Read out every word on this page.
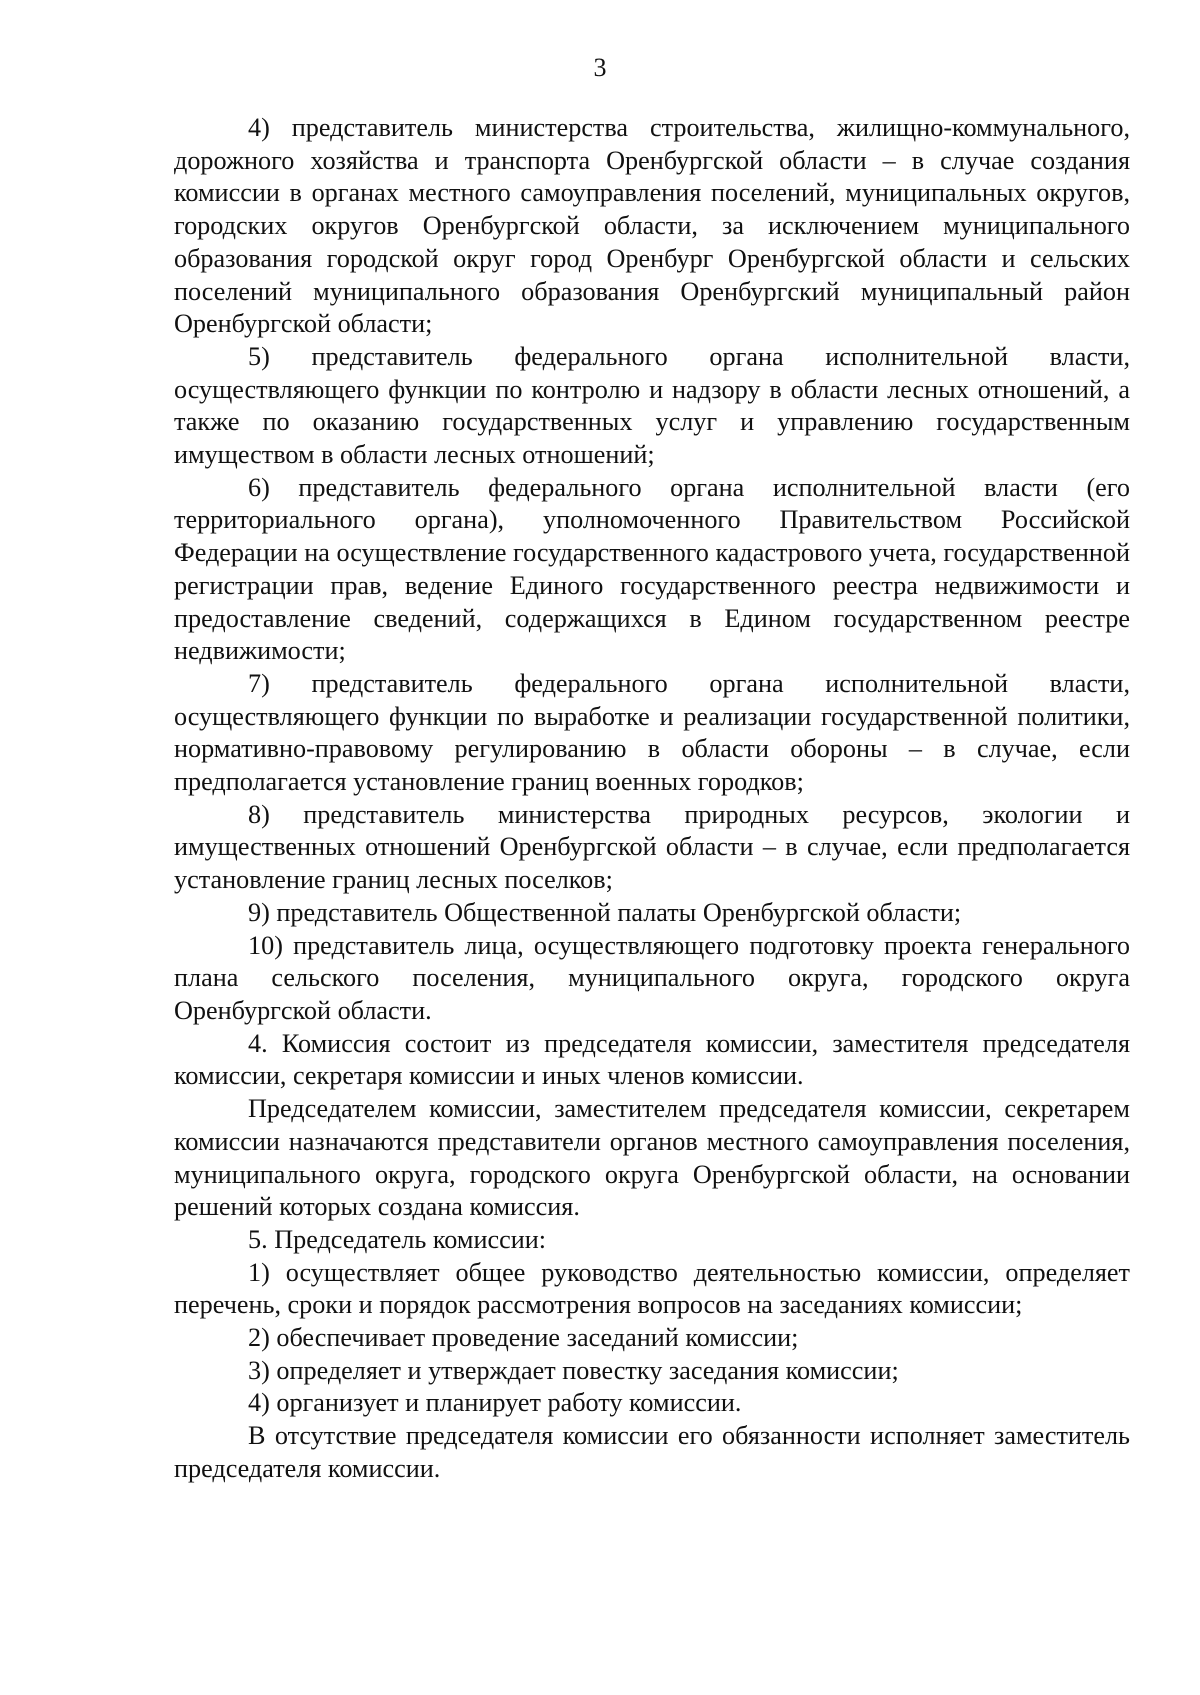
3

4) представитель министерства строительства, жилищно-коммунального, дорожного хозяйства и транспорта Оренбургской области – в случае создания комиссии в органах местного самоуправления поселений, муниципальных округов, городских округов Оренбургской области, за исключением муниципального образования городской округ город Оренбург Оренбургской области и сельских поселений муниципального образования Оренбургский муниципальный район Оренбургской области;

5) представитель федерального органа исполнительной власти, осуществляющего функции по контролю и надзору в области лесных отношений, а также по оказанию государственных услуг и управлению государственным имуществом в области лесных отношений;

6) представитель федерального органа исполнительной власти (его территориального органа), уполномоченного Правительством Российской Федерации на осуществление государственного кадастрового учета, государственной регистрации прав, ведение Единого государственного реестра недвижимости и предоставление сведений, содержащихся в Едином государственном реестре недвижимости;

7) представитель федерального органа исполнительной власти, осуществляющего функции по выработке и реализации государственной политики, нормативно-правовому регулированию в области обороны – в случае, если предполагается установление границ военных городков;

8) представитель министерства природных ресурсов, экологии и имущественных отношений Оренбургской области – в случае, если предполагается установление границ лесных поселков;

9) представитель Общественной палаты Оренбургской области;

10) представитель лица, осуществляющего подготовку проекта генерального плана сельского поселения, муниципального округа, городского округа Оренбургской области.

4. Комиссия состоит из председателя комиссии, заместителя председателя комиссии, секретаря комиссии и иных членов комиссии.

Председателем комиссии, заместителем председателя комиссии, секретарем комиссии назначаются представители органов местного самоуправления поселения, муниципального округа, городского округа Оренбургской области, на основании решений которых создана комиссия.

5. Председатель комиссии:

1) осуществляет общее руководство деятельностью комиссии, определяет перечень, сроки и порядок рассмотрения вопросов на заседаниях комиссии;

2) обеспечивает проведение заседаний комиссии;

3) определяет и утверждает повестку заседания комиссии;

4) организует и планирует работу комиссии.

В отсутствие председателя комиссии его обязанности исполняет заместитель председателя комиссии.
